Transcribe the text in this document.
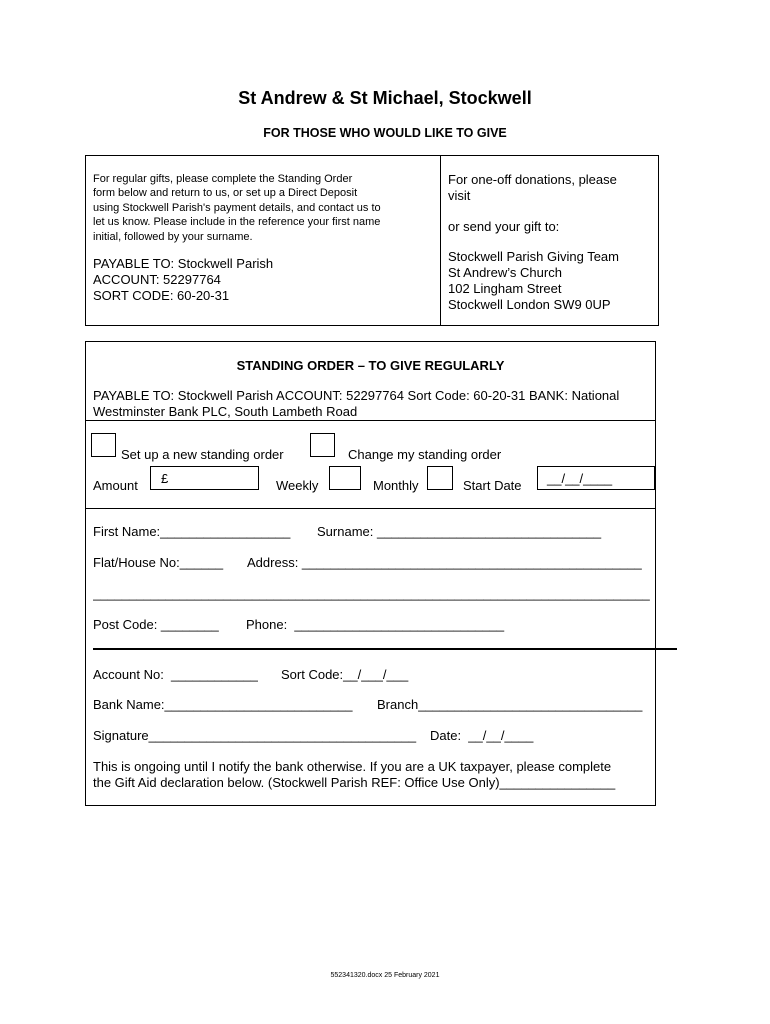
St Andrew & St Michael, Stockwell
FOR THOSE WHO WOULD LIKE TO GIVE
For regular gifts, please complete the Standing Order
form below and return to us, or set up a Direct Deposit
using Stockwell Parish's payment details, and contact us to
let us know. Please include in the reference your first name
initial, followed by your surname.
PAYABLE TO: Stockwell Parish
ACCOUNT: 52297764
SORT CODE: 60-20-31
For one-off donations, please
visit
or send your gift to:
Stockwell Parish Giving Team
St Andrew’s Church
102 Lingham Street
Stockwell London SW9 0UP
STANDING ORDER – TO GIVE REGULARLY
PAYABLE TO: Stockwell Parish ACCOUNT: 52297764 Sort Code: 60-20-31 BANK: National
Westminster Bank PLC, South Lambeth Road
Set up a new standing order	Change my standing order
Amount £	Weekly	Monthly	Start Date __/__/____
First Name:__________________ Surname: _______________________________
Flat/House No:______ Address: _______________________________________________
_____________________________________________________________________________
Post Code: ________ Phone:  _____________________________
Account No:  ____________ Sort Code:__/___/___
Bank Name:__________________________ Branch_______________________________
Signature_____________________________________ Date:  __/__/____
This is ongoing until I notify the bank otherwise. If you are a UK taxpayer, please complete
the Gift Aid declaration below. (Stockwell Parish REF: Office Use Only)________________
552341320.docx 25 February 2021
